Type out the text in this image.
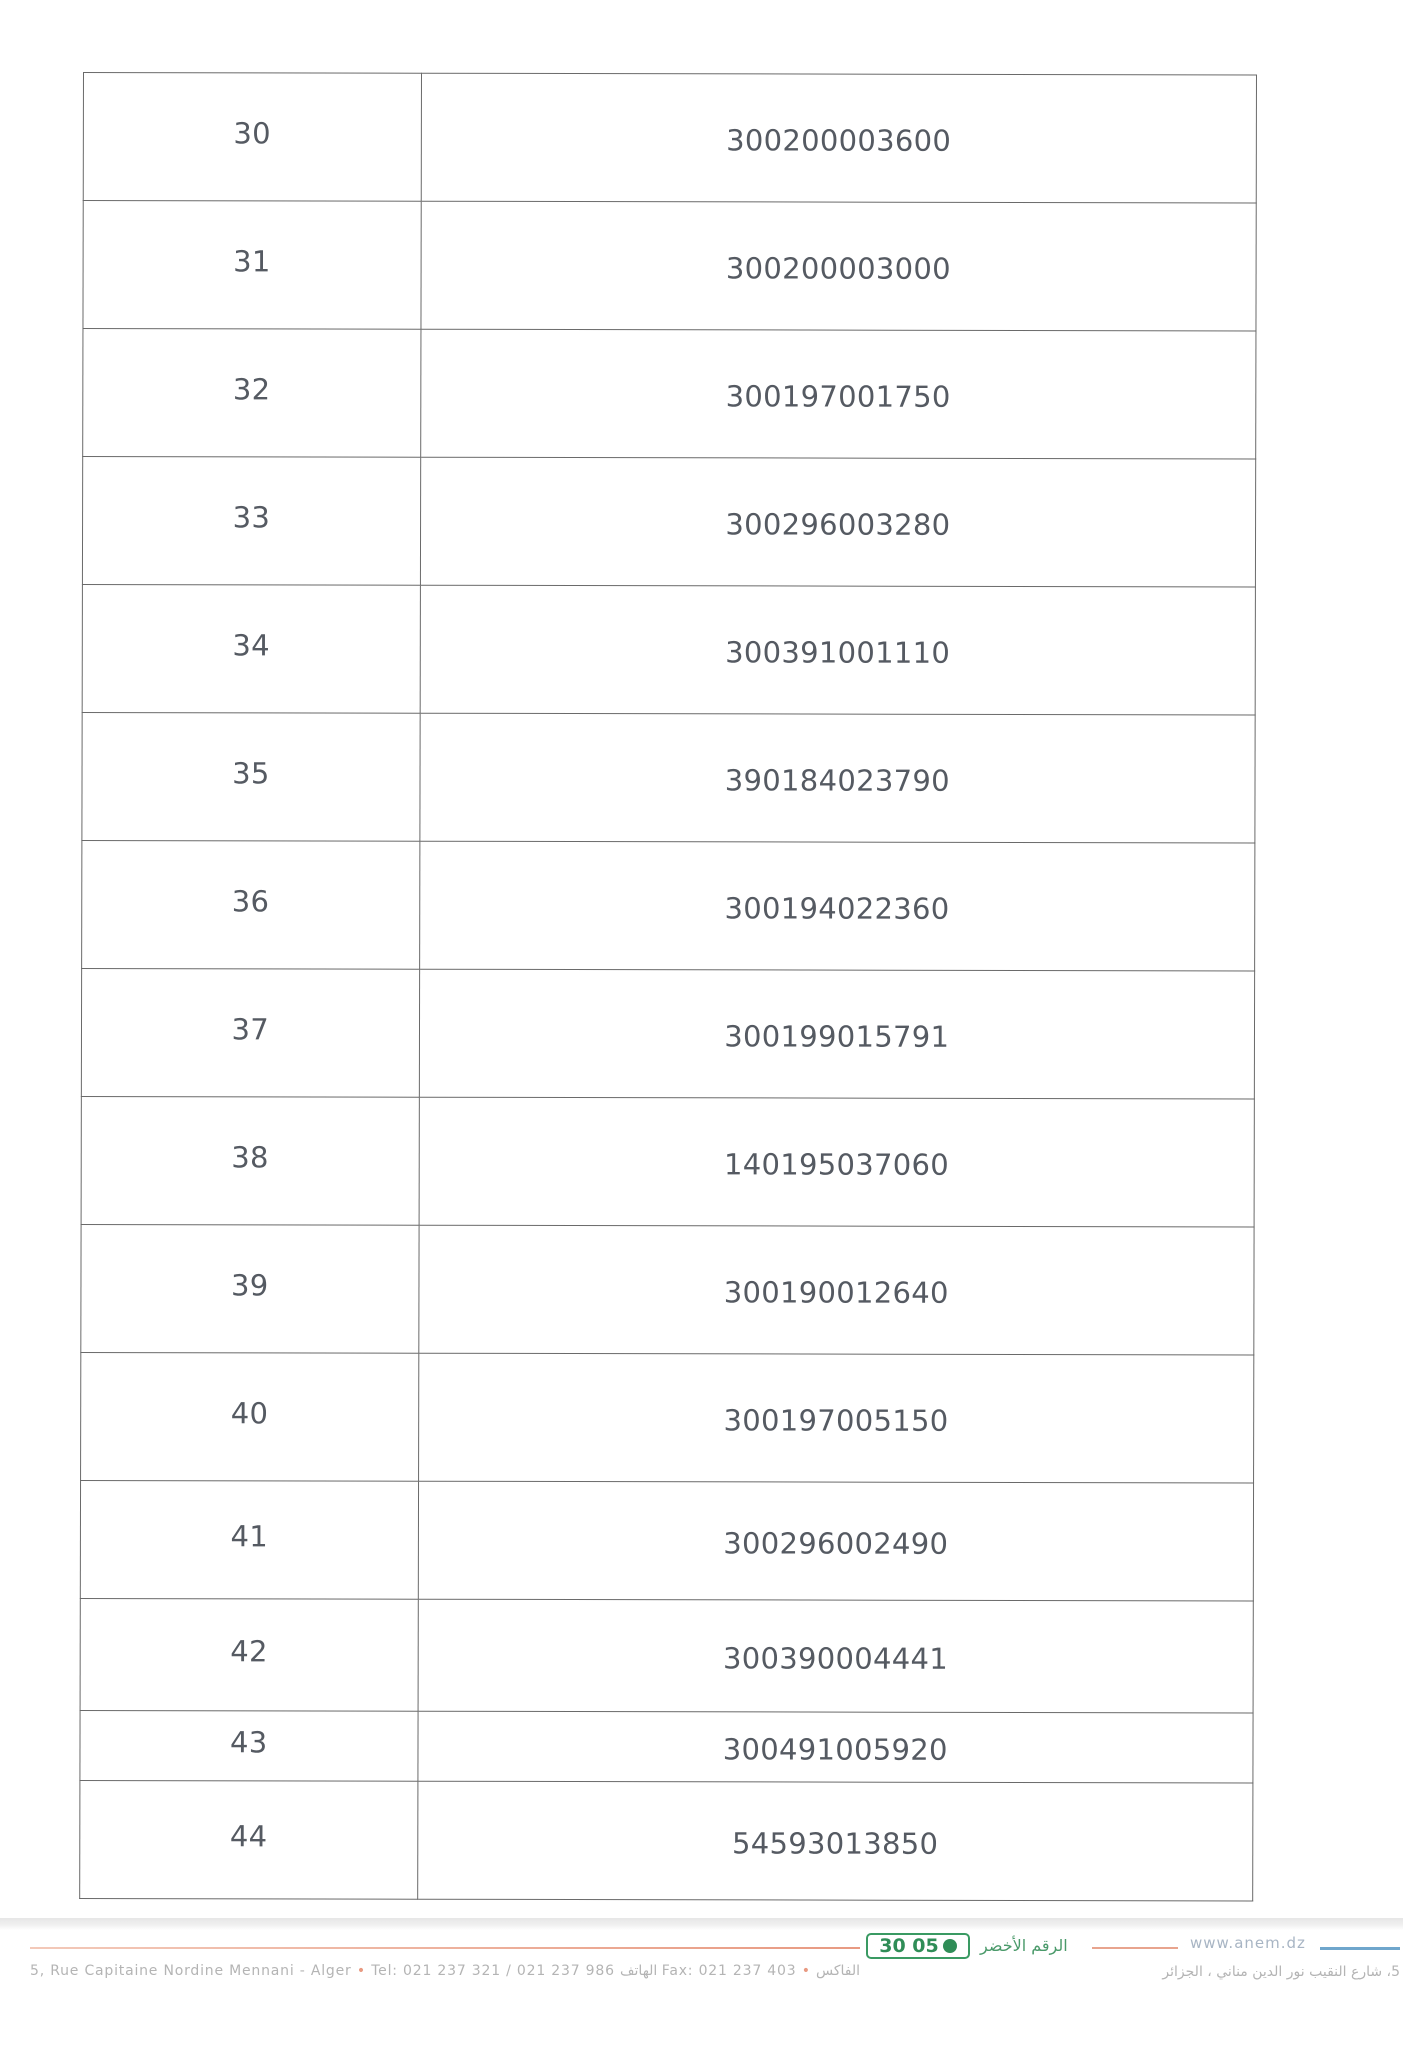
30	300200003600
31	300200003000
32	300197001750
33	300296003280
34	300391001110
35	390184023790
36	300194022360
37	300199015791
38	140195037060
39	300190012640
40	300197005150
41	300296002490
42	300390004441
43	300491005920
44	54593013850
30 05	الرقم الأخضر	www.anem.dz
5, Rue Capitaine Nordine Mennani - Alger • Tel: 021 237 321 / 021 237 986 الهاتف Fax: 021 237 403 • الفاكس	5، شارع النقيب نور الدين مناني ، الجزائر
